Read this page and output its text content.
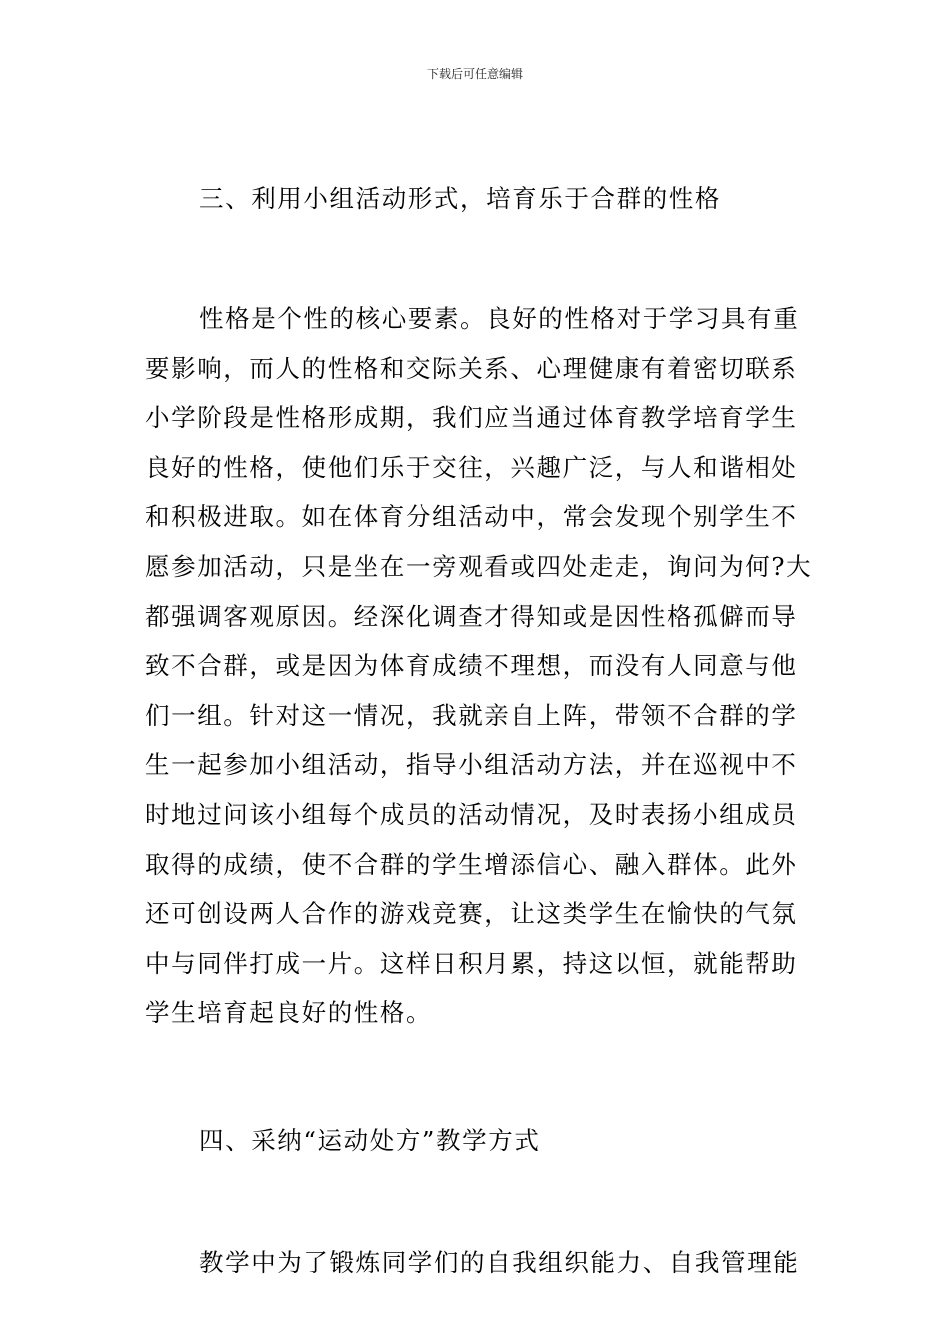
下载后可任意编辑

三、利用小组活动形式，培育乐于合群的性格

性格是个性的核心要素。良好的性格对于学习具有重

要影响，而人的性格和交际关系、心理健康有着密切联系

小学阶段是性格形成期，我们应当通过体育教学培育学生

良好的性格，使他们乐于交往，兴趣广泛，与人和谐相处

和积极进取。如在体育分组活动中，常会发现个别学生不

愿参加活动，只是坐在一旁观看或四处走走，询问为何?大

都强调客观原因。经深化调查才得知或是因性格孤僻而导

致不合群，或是因为体育成绩不理想，而没有人同意与他

们一组。针对这一情况，我就亲自上阵，带领不合群的学

生一起参加小组活动，指导小组活动方法，并在巡视中不

时地过问该小组每个成员的活动情况，及时表扬小组成员

取得的成绩，使不合群的学生增添信心、融入群体。此外

还可创设两人合作的游戏竞赛，让这类学生在愉快的气氛

中与同伴打成一片。这样日积月累，持这以恒，就能帮助

学生培育起良好的性格。

四、采纳“运动处方”教学方式

教学中为了锻炼同学们的自我组织能力、自我管理能
